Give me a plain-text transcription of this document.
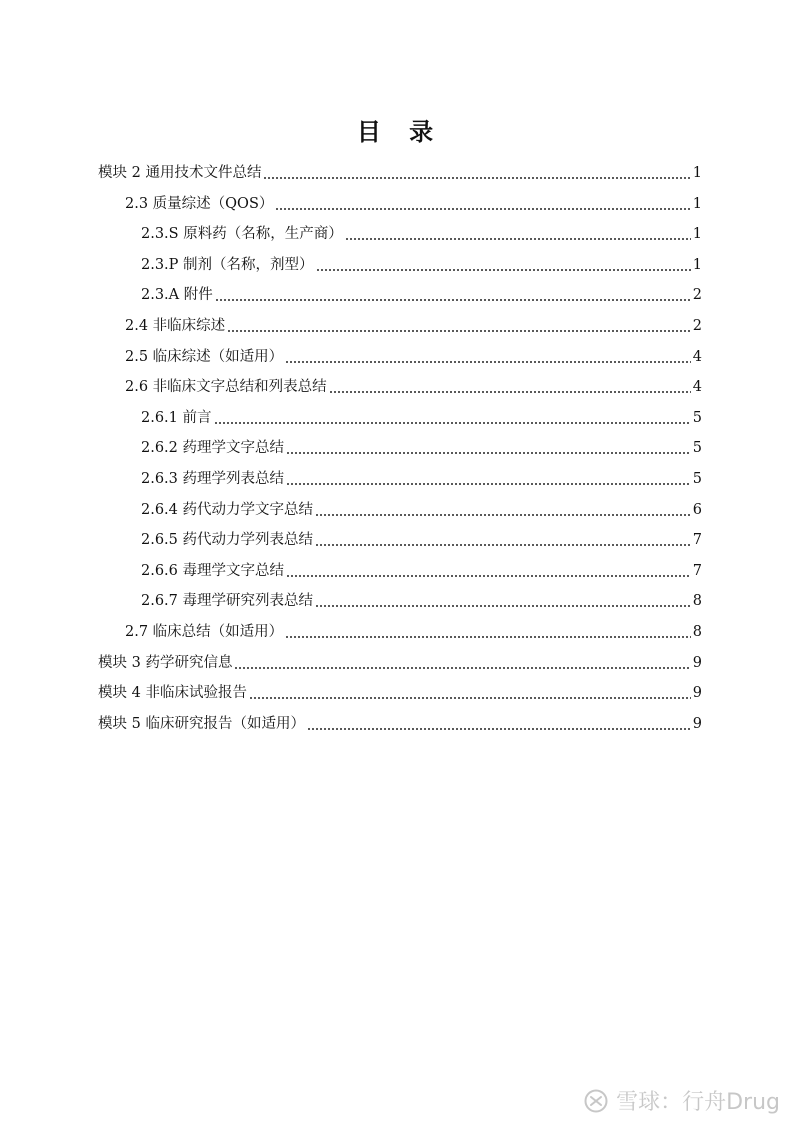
目 录
模块 2 通用技术文件总结	1
2.3 质量综述（QOS）	1
2.3.S 原料药（名称，生产商）	1
2.3.P 制剂（名称，剂型）	1
2.3.A 附件	2
2.4 非临床综述	2
2.5 临床综述（如适用）	4
2.6 非临床文字总结和列表总结	4
2.6.1 前言	5
2.6.2 药理学文字总结	5
2.6.3 药理学列表总结	5
2.6.4 药代动力学文字总结	6
2.6.5 药代动力学列表总结	7
2.6.6 毒理学文字总结	7
2.6.7 毒理学研究列表总结	8
2.7 临床总结（如适用）	8
模块 3 药学研究信息	9
模块 4 非临床试验报告	9
模块 5 临床研究报告（如适用）	9
雪球：行舟Drug
